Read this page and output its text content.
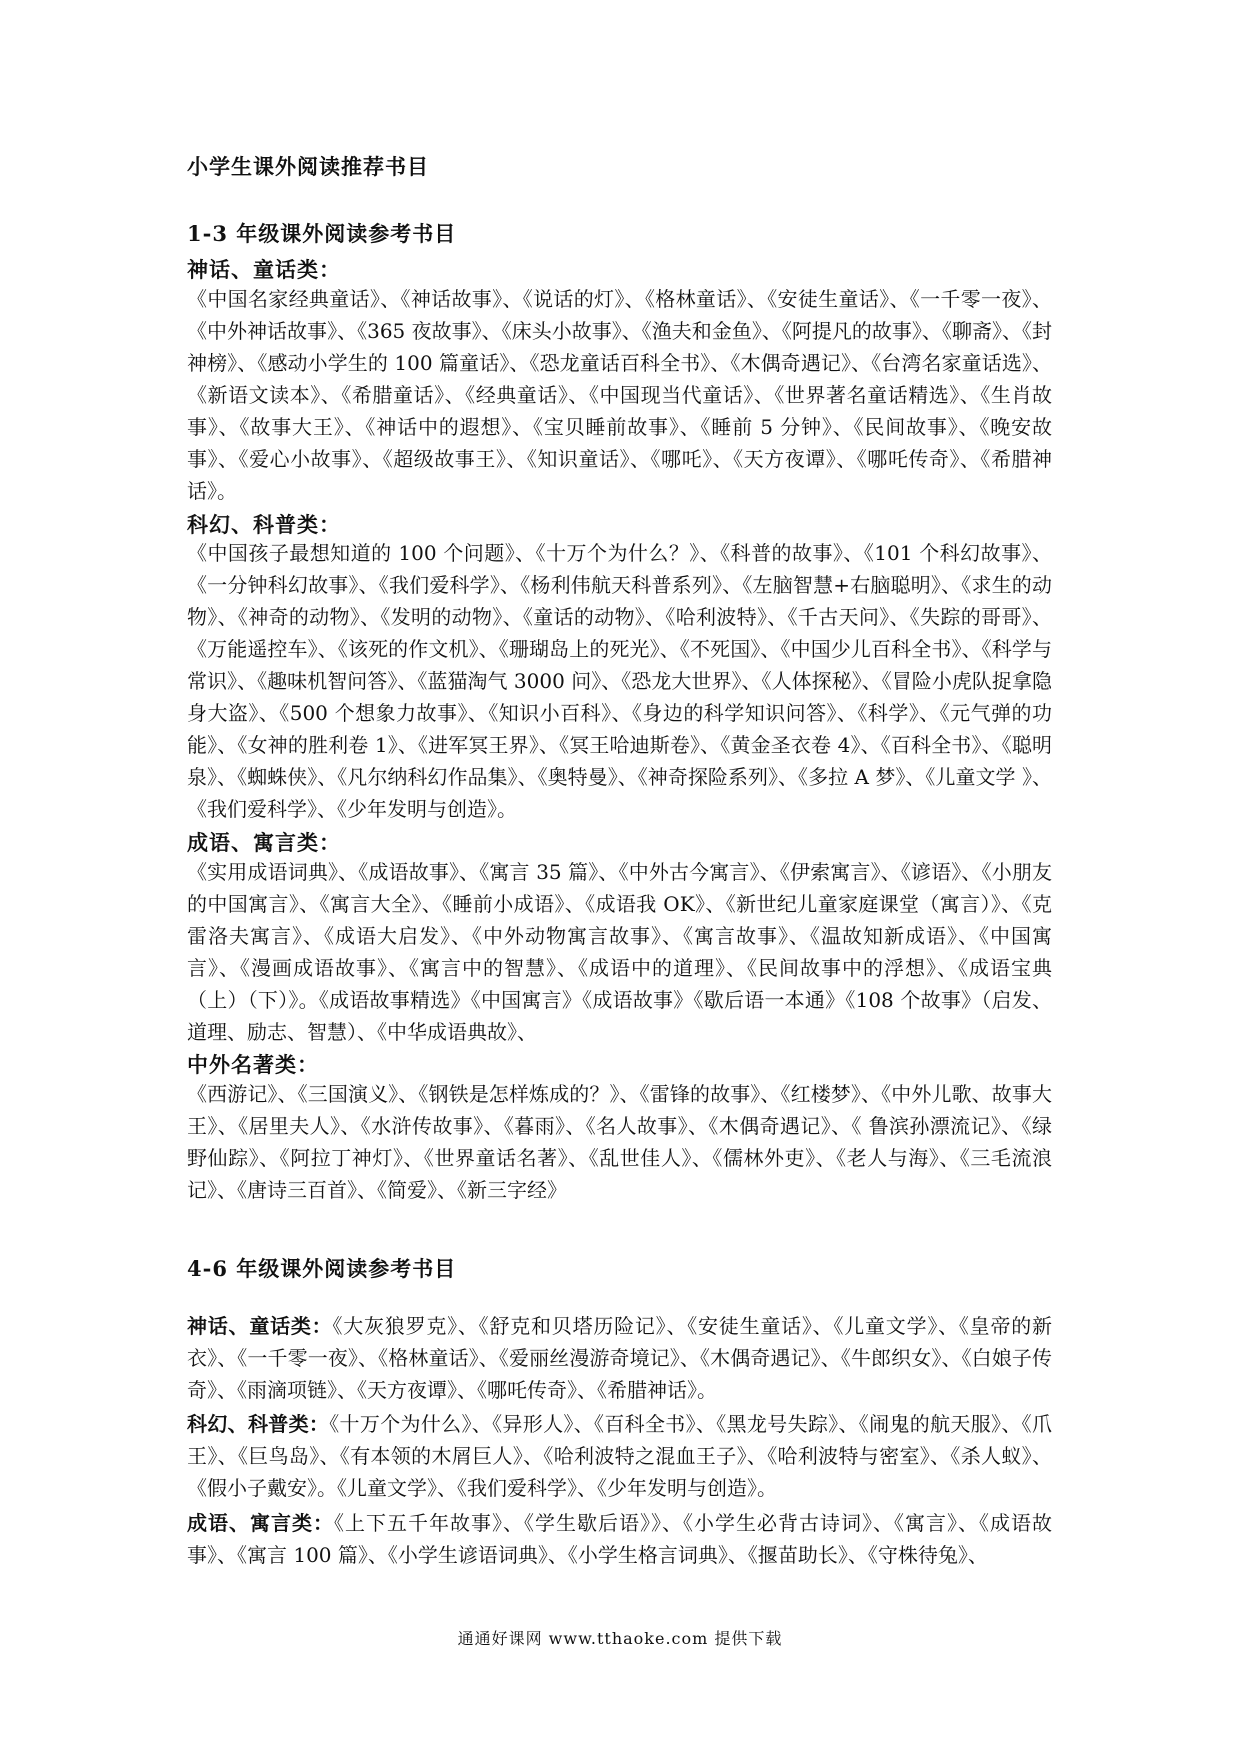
小学生课外阅读推荐书目
1-3 年级课外阅读参考书目
神话、童话类：
《中国名家经典童话》、《神话故事》、《说话的灯》、《格林童话》、《安徒生童话》、《一千零一夜》、《中外神话故事》、《365 夜故事》、《床头小故事》、《渔夫和金鱼》、《阿提凡的故事》、《聊斋》、《封神榜》、《感动小学生的 100 篇童话》、《恐龙童话百科全书》、《木偶奇遇记》、《台湾名家童话选》、《新语文读本》、《希腊童话》、《经典童话》、《中国现当代童话》、《世界著名童话精选》、《生肖故事》、《故事大王》、《神话中的遐想》、《宝贝睡前故事》、《睡前 5 分钟》、《民间故事》、《晚安故事》、《爱心小故事》、《超级故事王》、《知识童话》、《哪吒》、《天方夜谭》、《哪吒传奇》、《希腊神话》。
科幻、科普类：
《中国孩子最想知道的 100 个问题》、《十万个为什么？》、《科普的故事》、《101 个科幻故事》、《一分钟科幻故事》、《我们爱科学》、《杨利伟航天科普系列》、《左脑智慧+右脑聪明》、《求生的动物》、《神奇的动物》、《发明的动物》、《童话的动物》、《哈利波特》、《千古天问》、《失踪的哥哥》、《万能遥控车》、《该死的作文机》、《珊瑚岛上的死光》、《不死国》、《中国少儿百科全书》、《科学与常识》、《趣味机智问答》、《蓝猫淘气 3000 问》、《恐龙大世界》、《人体探秘》、《冒险小虎队捉拿隐身大盗》、《500 个想象力故事》、《知识小百科》、《身边的科学知识问答》、《科学》、《元气弹的功能》、《女神的胜利卷 1》、《进军冥王界》、《冥王哈迪斯卷》、《黄金圣衣卷 4》、《百科全书》、《聪明泉》、《蜘蛛侠》、《凡尔纳科幻作品集》、《奥特曼》、《神奇探险系列》、《多拉 A 梦》、《儿童文学 》、《我们爱科学》、《少年发明与创造》。
成语、寓言类：
《实用成语词典》、《成语故事》、《寓言 35 篇》、《中外古今寓言》、《伊索寓言》、《谚语》、《小朋友的中国寓言》、《寓言大全》、《睡前小成语》、《成语我 OK》、《新世纪儿童家庭课堂（寓言）》、《克雷洛夫寓言》、《成语大启发》、《中外动物寓言故事》、《寓言故事》、《温故知新成语》、《中国寓言》、《漫画成语故事》、《寓言中的智慧》、《成语中的道理》、《民间故事中的浮想》、《成语宝典（上）（下）》。《成语故事精选》《中国寓言》《成语故事》《歇后语一本通》《108 个故事》（启发、道理、励志、智慧）、《中华成语典故》、
中外名著类：
《西游记》、《三国演义》、《钢铁是怎样炼成的？》、《雷锋的故事》、《红楼梦》、《中外儿歌、故事大王》、《居里夫人》、《水浒传故事》、《暮雨》、《名人故事》、《木偶奇遇记》、《 鲁滨孙漂流记》、《绿野仙踪》、《阿拉丁神灯》、《世界童话名著》、《乱世佳人》、《儒林外吏》、《老人与海》、《三毛流浪记》、《唐诗三百首》、《简爱》、《新三字经》
4-6 年级课外阅读参考书目
神话、童话类：《大灰狼罗克》、《舒克和贝塔历险记》、《安徒生童话》、《儿童文学》、《皇帝的新衣》、《一千零一夜》、《格林童话》、《爱丽丝漫游奇境记》、《木偶奇遇记》、《牛郎织女》、《白娘子传奇》、《雨滴项链》、《天方夜谭》、《哪吒传奇》、《希腊神话》。
科幻、科普类：《十万个为什么》、《异形人》、《百科全书》、《黑龙号失踪》、《闹鬼的航天服》、《爪王》、《巨鸟岛》、《有本领的木屑巨人》、《哈利波特之混血王子》、《哈利波特与密室》、《杀人蚁》、《假小子戴安》。《儿童文学》、《我们爱科学》、《少年发明与创造》。
成语、寓言类：《上下五千年故事》、《学生歇后语》》、《小学生必背古诗词》、《寓言》、《成语故事》、《寓言 100 篇》、《小学生谚语词典》、《小学生格言词典》、《揠苗助长》、《守株待兔》、
通通好课网 www.tthaoke.com 提供下载
